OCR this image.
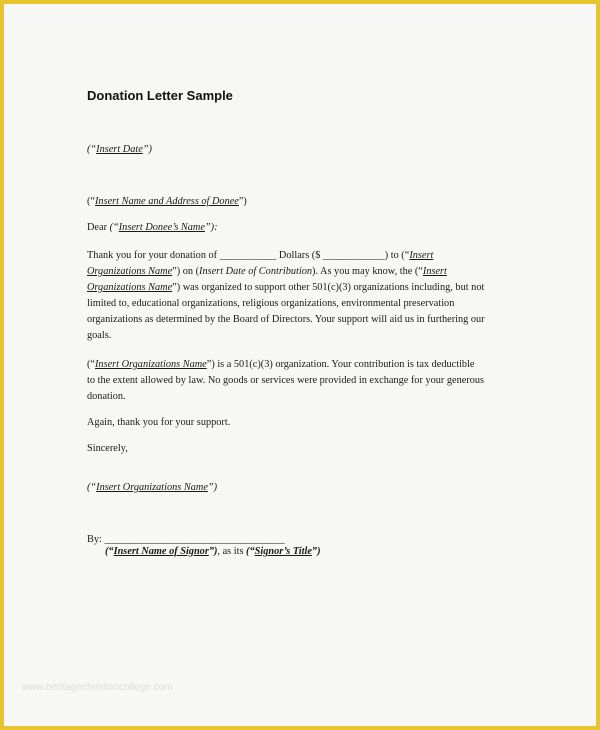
Donation Letter Sample
(“Insert Date”)
(“Insert Name and Address of Donee”)
Dear (“Insert Donee’s Name”):
Thank you for your donation of ___________ Dollars ($ ____________) to (“Insert
Organizations Name”) on (Insert Date of Contribution). As you may know, the (“Insert
Organizations Name”) was organized to support other 501(c)(3) organizations including, but not
limited to, educational organizations, religious organizations, environmental preservation
organizations as determined by the Board of Directors. Your support will aid us in furthering our
goals.
(“Insert Organizations Name”) is a 501(c)(3) organization. Your contribution is tax deductible
to the extent allowed by law. No goods or services were provided in exchange for your generous
donation.
Again, thank you for your support.
Sincerely,
(“Insert Organizations Name”)
By: ___________________________________
(“Insert Name of Signor”), as its (“Signor’s Title”)
www.heritagechristiancollege.com
